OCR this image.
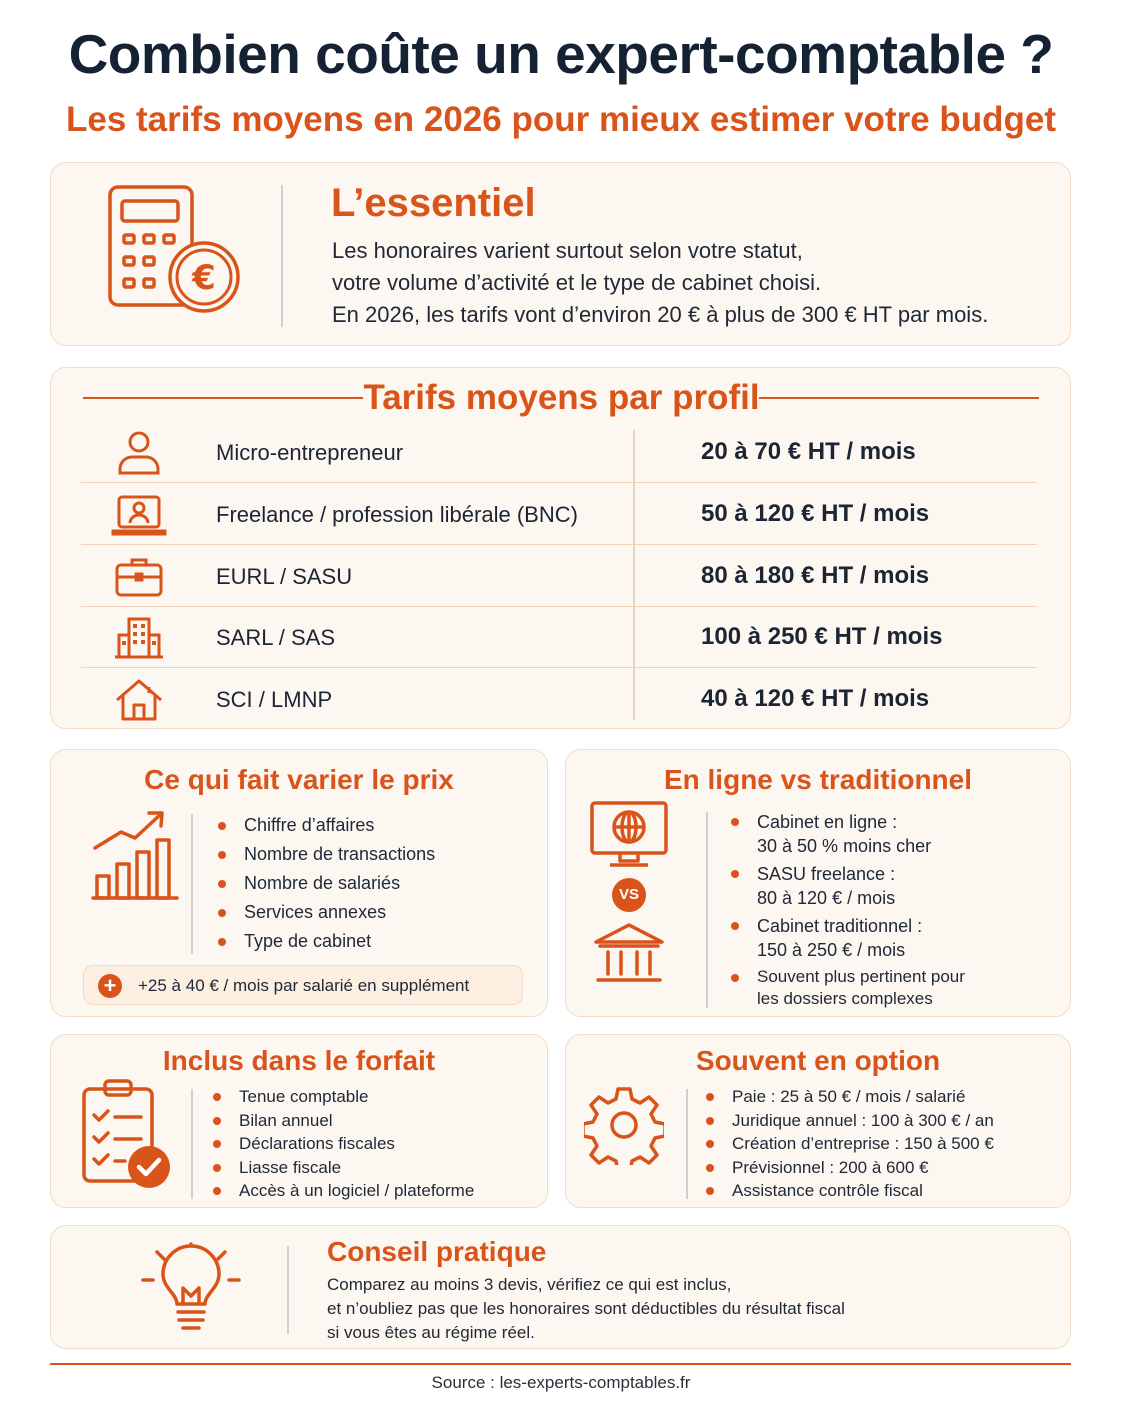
Combien coûte un expert-comptable ?
Les tarifs moyens en 2026 pour mieux estimer votre budget
€
L’essentiel
Les honoraires varient surtout selon votre statut,
votre volume d’activité et le type de cabinet choisi.
En 2026, les tarifs vont d’environ 20 € à plus de 300 € HT par mois.
Tarifs moyens par profil
Micro-entrepreneur	20 à 70 € HT / mois
Freelance / profession libérale (BNC)	50 à 120 € HT / mois
EURL / SASU	80 à 180 € HT / mois
SARL / SAS	100 à 250 € HT / mois
SCI / LMNP	40 à 120 € HT / mois
Ce qui fait varier le prix
Chiffre d’affaires
Nombre de transactions
Nombre de salariés
Services annexes
Type de cabinet
+	+25 à 40 € / mois par salarié en supplément
En ligne vs traditionnel
VS
Cabinet en ligne :
30 à 50 % moins cher
SASU freelance :
80 à 120 € / mois
Cabinet traditionnel :
150 à 250 € / mois
Souvent plus pertinent pour
les dossiers complexes
Inclus dans le forfait
Tenue comptable
Bilan annuel
Déclarations fiscales
Liasse fiscale
Accès à un logiciel / plateforme
Souvent en option
Paie : 25 à 50 € / mois / salarié
Juridique annuel : 100 à 300 € / an
Création d’entreprise : 150 à 500 €
Prévisionnel : 200 à 600 €
Assistance contrôle fiscal
Conseil pratique
Comparez au moins 3 devis, vérifiez ce qui est inclus,
et n’oubliez pas que les honoraires sont déductibles du résultat fiscal
si vous êtes au régime réel.
Source : les-experts-comptables.fr
